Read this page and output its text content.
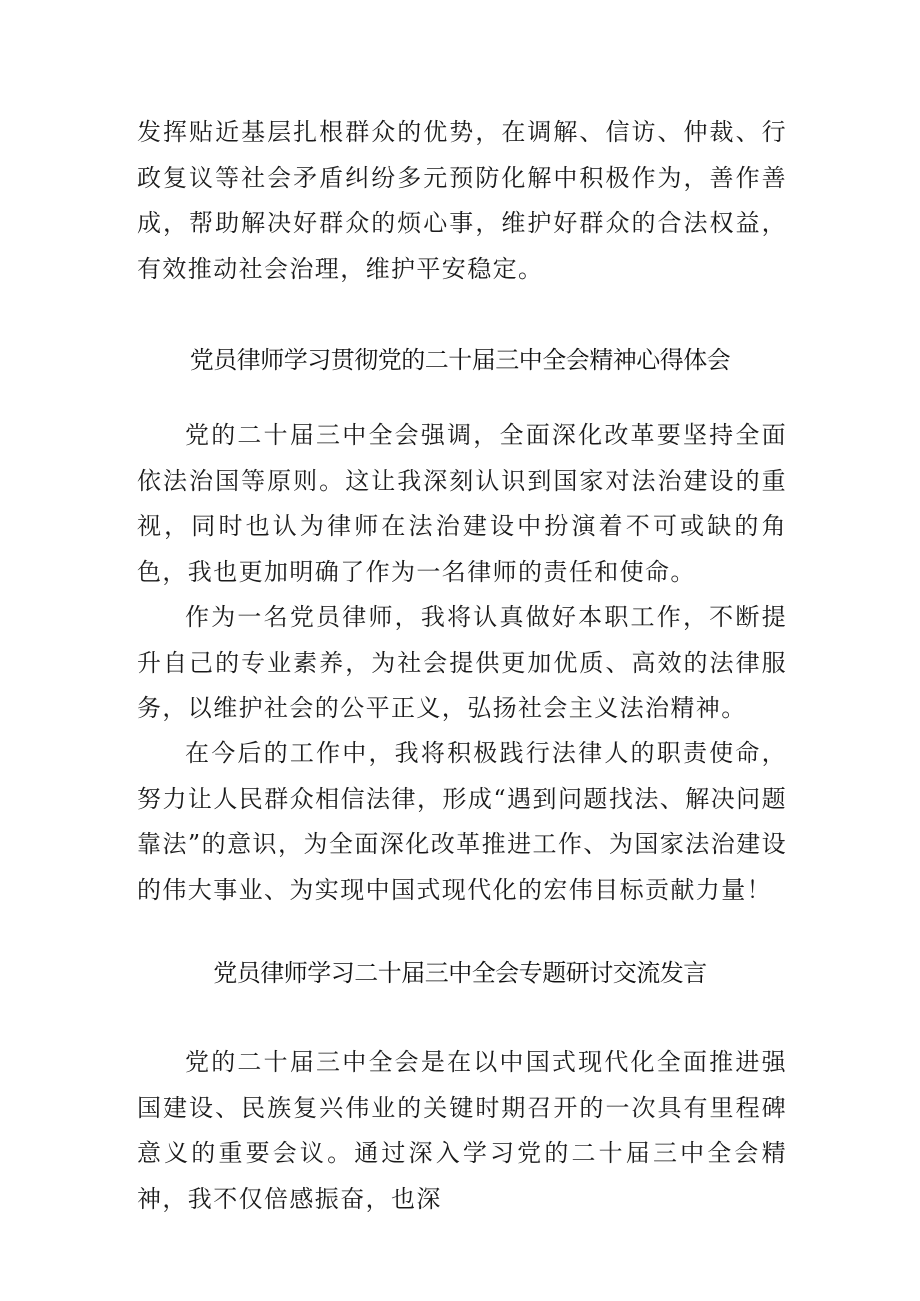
发挥贴近基层扎根群众的优势，在调解、信访、仲裁、行政复议等社会矛盾纠纷多元预防化解中积极作为，善作善成，帮助解决好群众的烦心事，维护好群众的合法权益，有效推动社会治理，维护平安稳定。

党员律师学习贯彻党的二十届三中全会精神心得体会

党的二十届三中全会强调，全面深化改革要坚持全面依法治国等原则。这让我深刻认识到国家对法治建设的重视，同时也认为律师在法治建设中扮演着不可或缺的角色，我也更加明确了作为一名律师的责任和使命。

作为一名党员律师，我将认真做好本职工作，不断提升自己的专业素养，为社会提供更加优质、高效的法律服务，以维护社会的公平正义，弘扬社会主义法治精神。

在今后的工作中，我将积极践行法律人的职责使命，努力让人民群众相信法律，形成“遇到问题找法、解决问题靠法”的意识，为全面深化改革推进工作、为国家法治建设的伟大事业、为实现中国式现代化的宏伟目标贡献力量！

党员律师学习二十届三中全会专题研讨交流发言

党的二十届三中全会是在以中国式现代化全面推进强国建设、民族复兴伟业的关键时期召开的一次具有里程碑意义的重要会议。通过深入学习党的二十届三中全会精神，我不仅倍感振奋，也深
